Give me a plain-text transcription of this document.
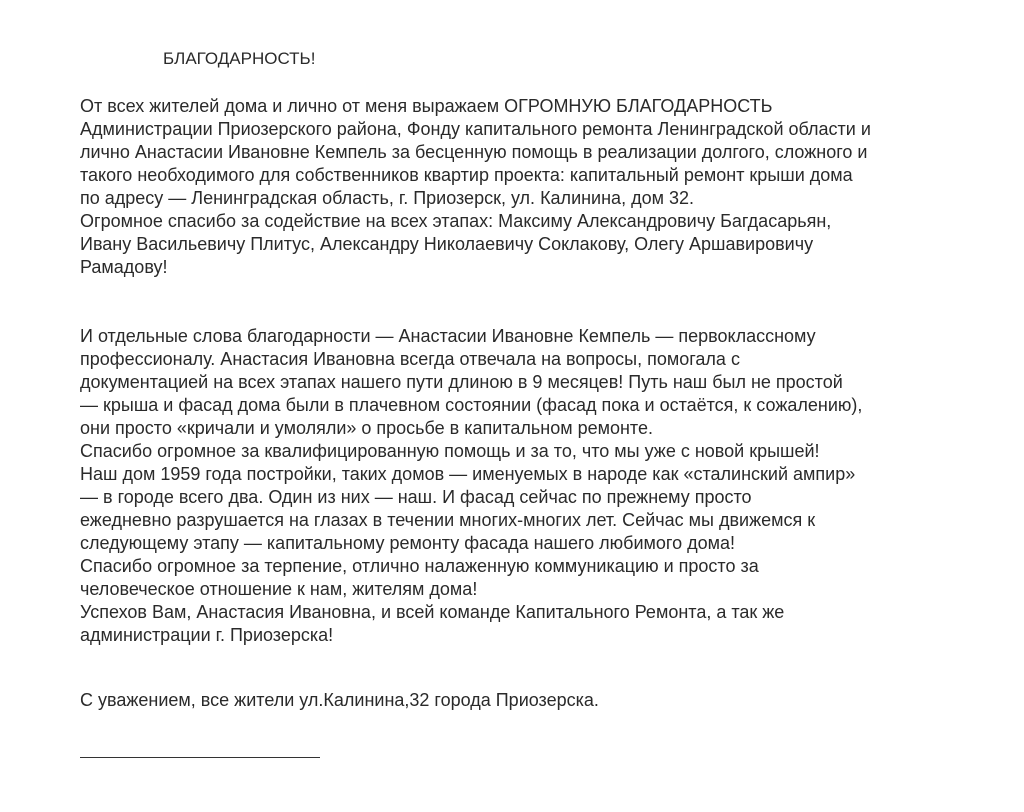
БЛАГОДАРНОСТЬ!
От всех жителей дома и лично от меня выражаем ОГРОМНУЮ БЛАГОДАРНОСТЬ
Администрации Приозерского района, Фонду капитального ремонта Ленинградской области и
лично Анастасии Ивановне Кемпель за бесценную помощь в реализации долгого, сложного и
такого необходимого для собственников квартир проекта: капитальный ремонт крыши дома
по адресу — Ленинградская область, г. Приозерск, ул. Калинина, дом 32.
Огромное спасибо за содействие на всех этапах: Максиму Александровичу Багдасарьян,
Ивану Васильевичу Плитус, Александру Николаевичу Соклакову, Олегу Аршавировичу
Рамадову!
И отдельные слова благодарности — Анастасии Ивановне Кемпель — первоклассному
профессионалу. Анастасия Ивановна всегда отвечала на вопросы, помогала с
документацией на всех этапах нашего пути длиною в 9 месяцев! Путь наш был не простой
— крыша и фасад дома были в плачевном состоянии (фасад пока и остаётся, к сожалению),
они просто «кричали и умоляли» о просьбе в капитальном ремонте.
Спасибо огромное за квалифицированную помощь и за то, что мы уже с новой крышей!
Наш дом 1959 года постройки, таких домов — именуемых в народе как «сталинский ампир»
— в городе всего два. Один из них — наш. И фасад сейчас по прежнему просто
ежедневно разрушается на глазах в течении многих-многих лет. Сейчас мы движемся к
следующему этапу — капитальному ремонту фасада нашего любимого дома!
Спасибо огромное за терпение, отлично налаженную коммуникацию и просто за
человеческое отношение к нам, жителям дома!
Успехов Вам, Анастасия Ивановна, и всей команде Капитального Ремонта, а так же
администрации г. Приозерска!
С уважением, все жители ул.Калинина,32 города Приозерска.
